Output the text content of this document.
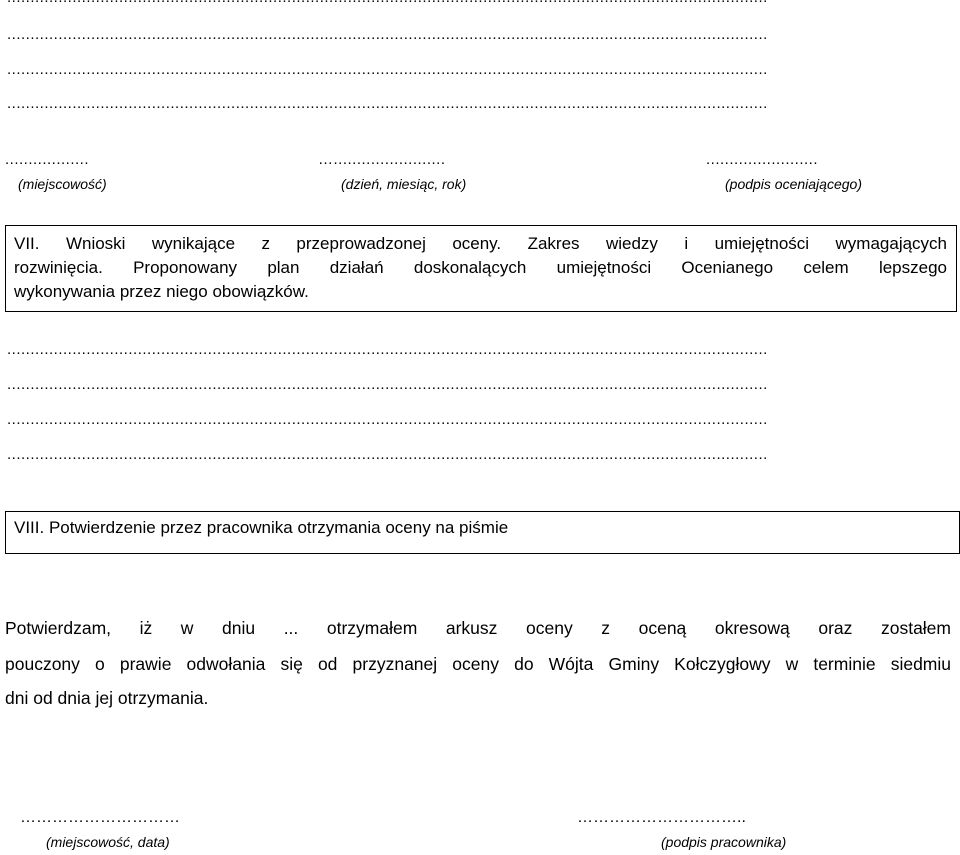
...................................................................................................................................................................
...................................................................................................................................................................
...................................................................................................................................................................
..................	…........................	........................
(miejscowość)	(dzień, miesiąc, rok)	(podpis oceniającego)
VII. Wnioski wynikające z przeprowadzonej oceny. Zakres wiedzy i umiejętności wymagających
rozwinięcia. Proponowany plan działań doskonalących umiejętności Ocenianego celem lepszego
wykonywania przez niego obowiązków.
...................................................................................................................................................................
...................................................................................................................................................................
...................................................................................................................................................................
...................................................................................................................................................................
VIII. Potwierdzenie przez pracownika otrzymania oceny na piśmie
Potwierdzam, iż w dniu ... otrzymałem arkusz oceny z oceną okresową oraz zostałem
pouczony o prawie odwołania się od przyznanej oceny do Wójta Gminy Kołczygłowy w terminie siedmiu
dni od dnia jej otrzymania.
…………………………	…………………………..
(miejscowość, data)	(podpis pracownika)
